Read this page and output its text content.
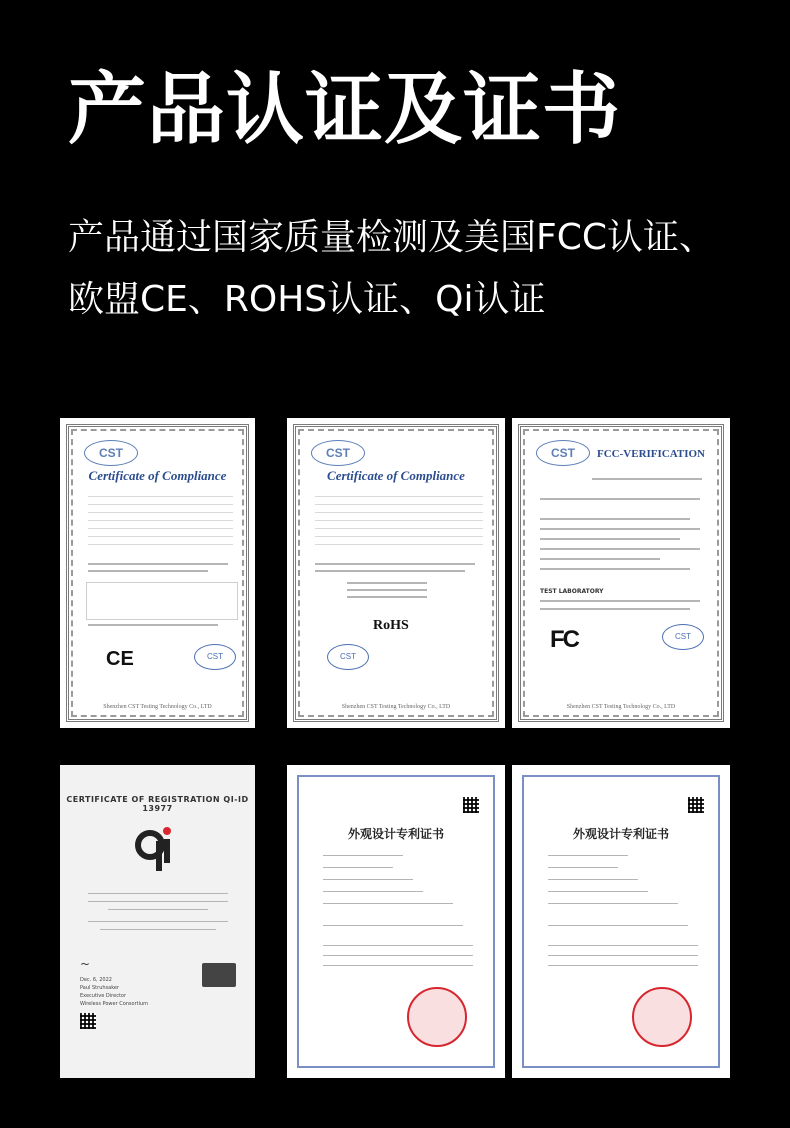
产品认证及证书
产品通过国家质量检测及美国FCC认证、
欧盟CE、ROHS认证、Qi认证
CST
Certificate of Compliance
CE	CST
Shenzhen CST Testing Technology Co., LTD
CST
Certificate of Compliance
RoHS
CST
Shenzhen CST Testing Technology Co., LTD
CST	FCC-VERIFICATION
TEST LABORATORY
FC	CST
Shenzhen CST Testing Technology Co., LTD
CERTIFICATE OF REGISTRATION QI-ID 13977

~
Dec. 6, 2022
Paul Struhsaker
Executive Director
Wireless Power Consortium
外观设计专利证书	外观设计专利证书
